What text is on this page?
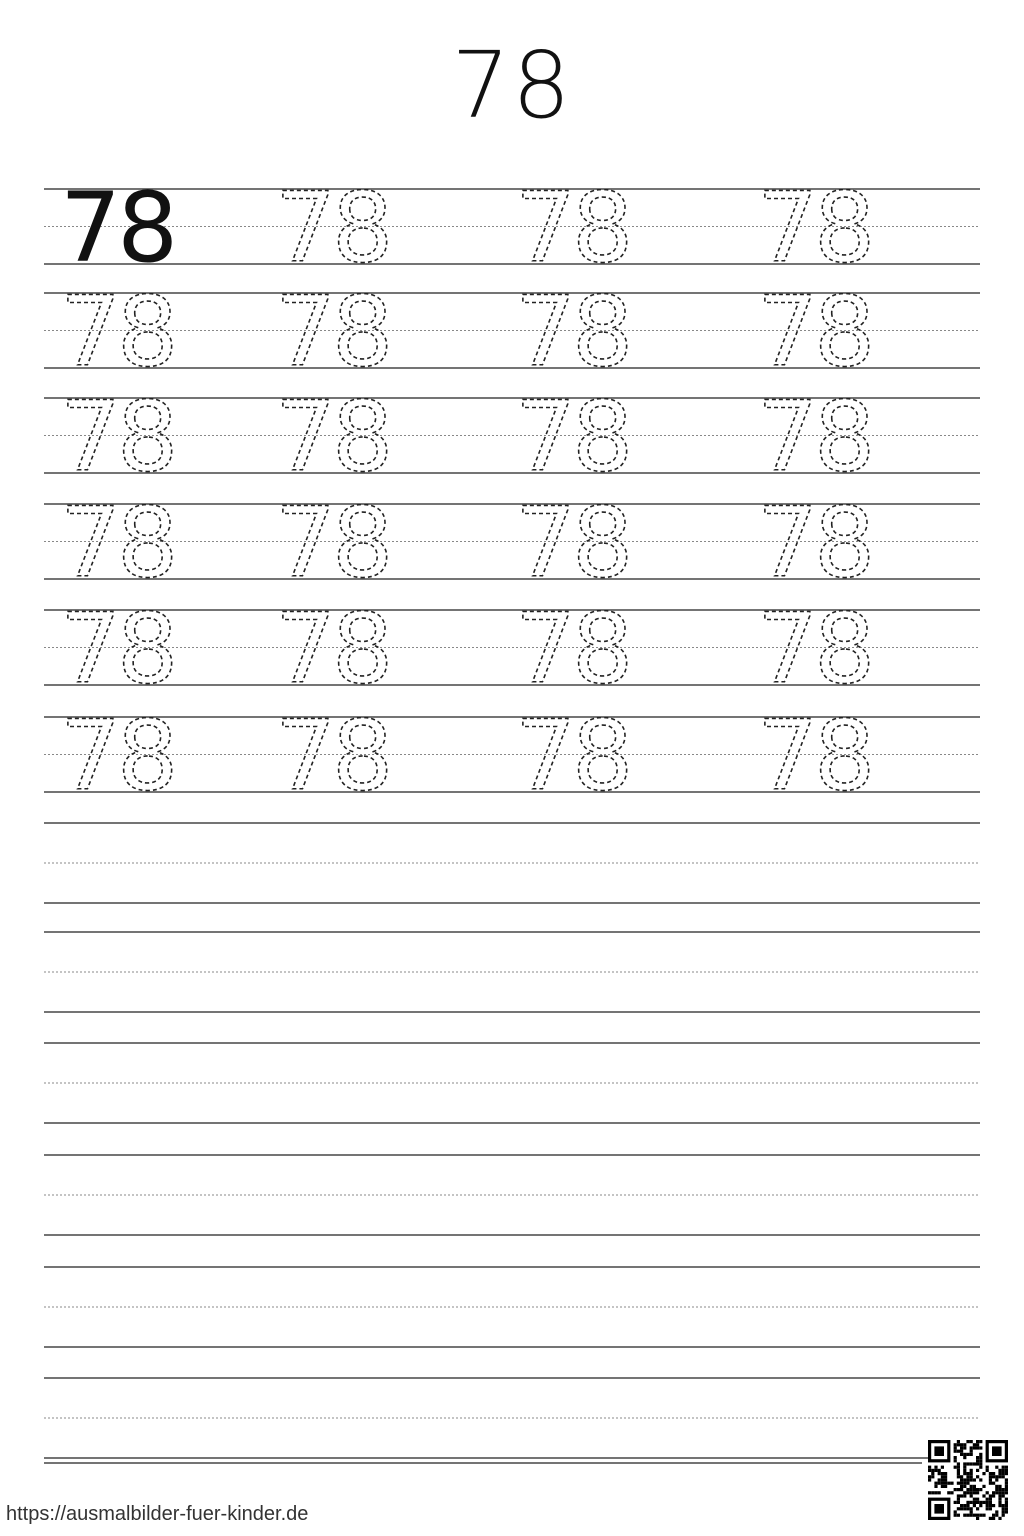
78
78 78 78 78
78 78 78 78
78 78 78 78
78 78 78 78
78 78 78 78
78 78 78 78
https://ausmalbilder-fuer-kinder.de
